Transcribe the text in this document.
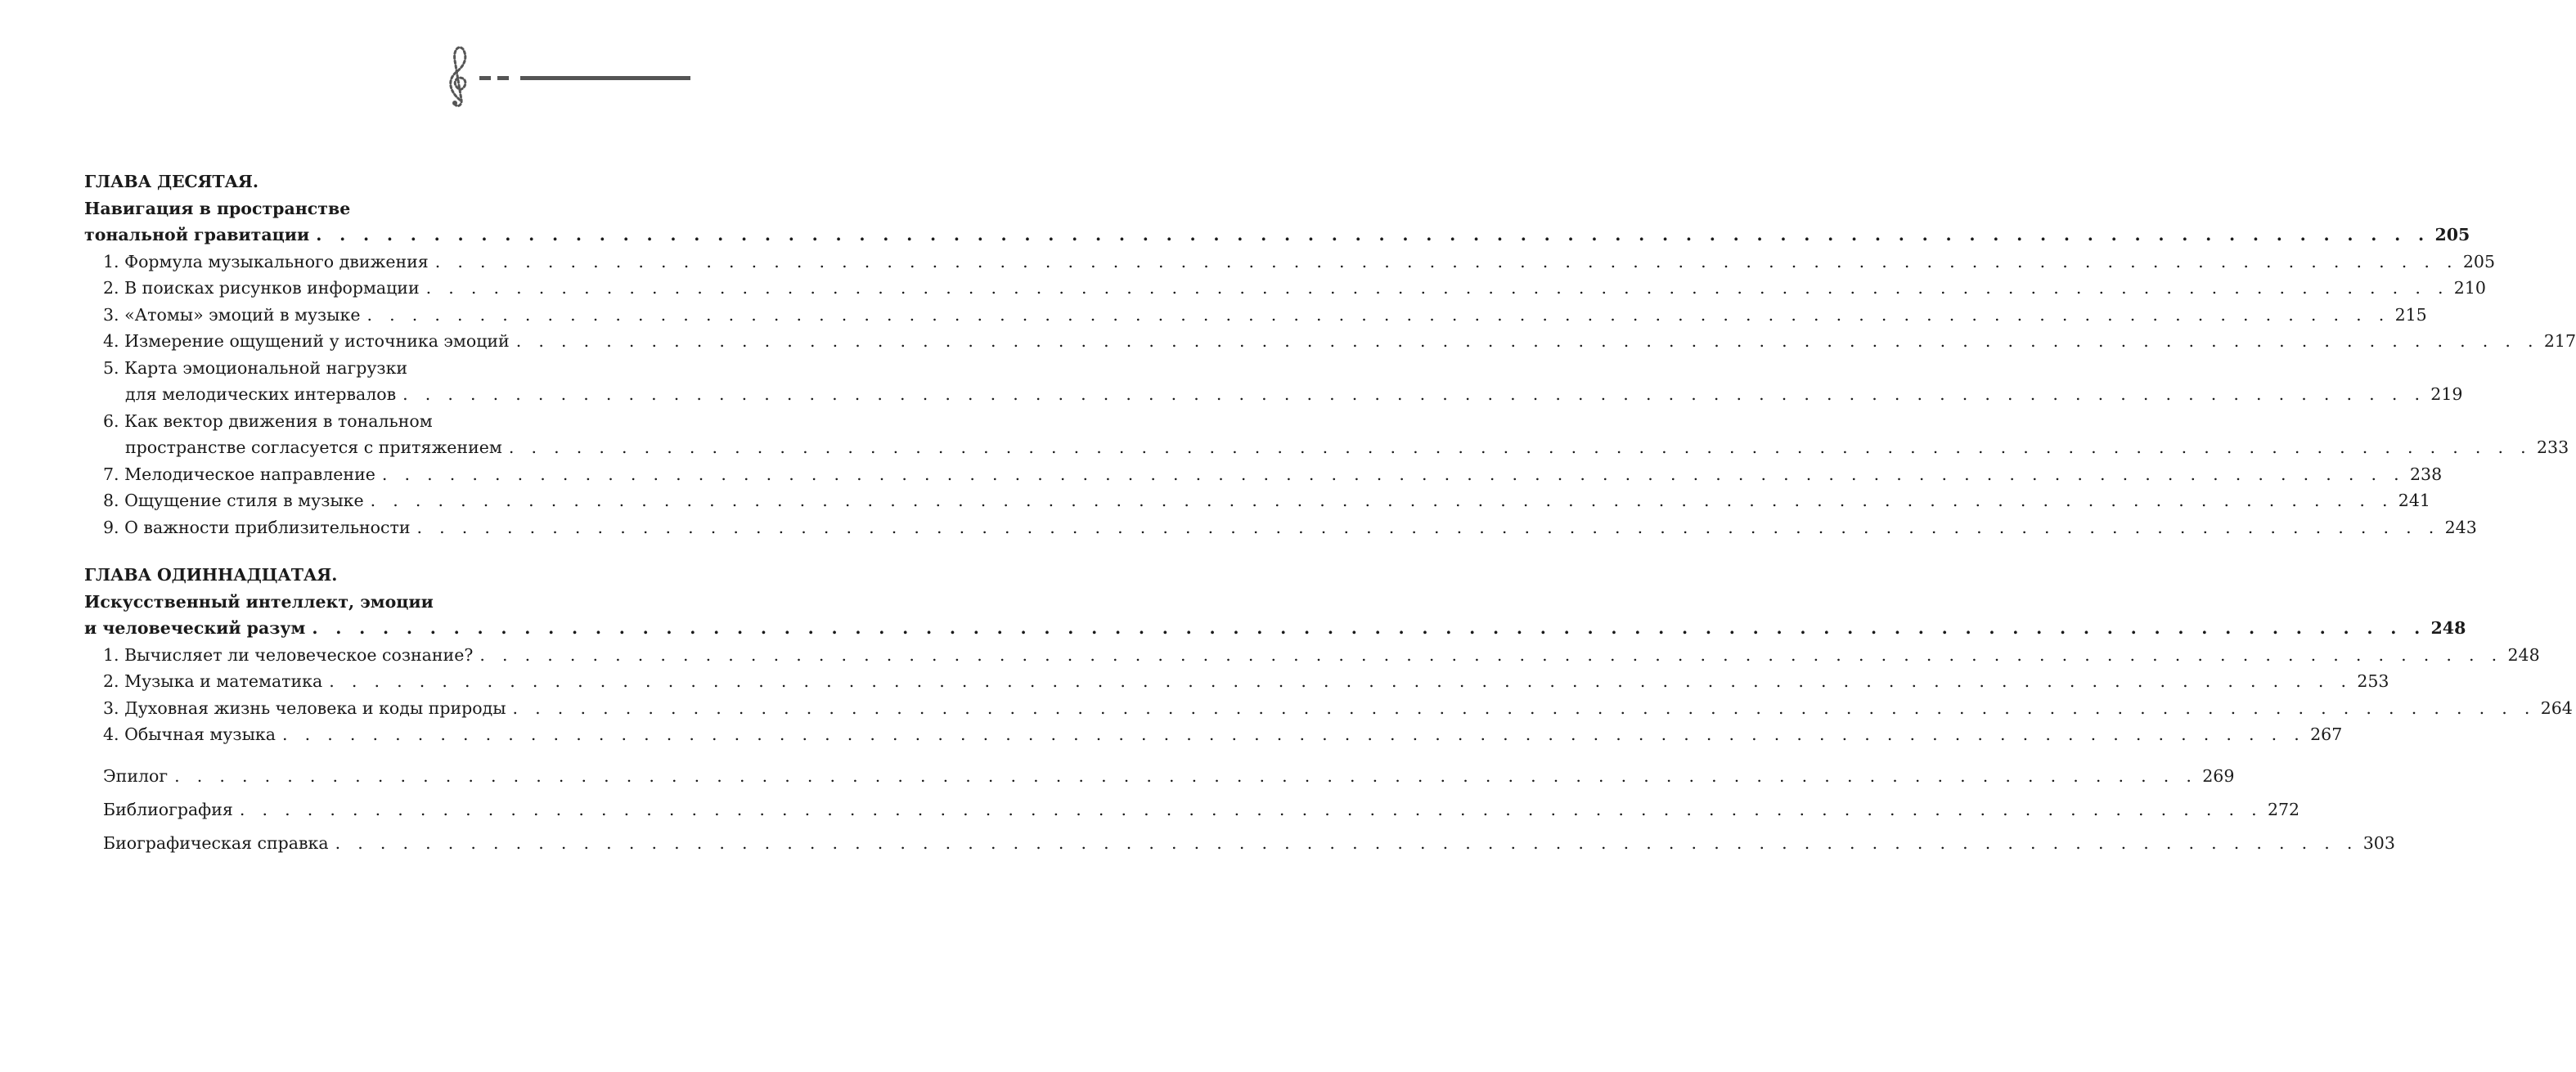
ГЛАВА ДЕСЯТАЯ.
Навигация в пространстве
тональной гравитации . . . . . . . . . . . . . . . . . . . . . . . . . . . . . . . . . . . . . . . . . . . . . . . . . . . . . . . . . . . . . . . . . . . . . . . . . . . . . . . . . . . . . . . . . . 205
1. Формула музыкального движения . . . . . . . . . . . . . . . . . . . . . . . . . . . . . . . . . . . . . . . . . . . . . . . . . . . . . . . . . . . . . . . . . . . . . . . . . . . . . . . . . . . . . . . . . . 205
2. В поисках рисунков информации . . . . . . . . . . . . . . . . . . . . . . . . . . . . . . . . . . . . . . . . . . . . . . . . . . . . . . . . . . . . . . . . . . . . . . . . . . . . . . . . . . . . . . . . . . 210
3. «Атомы» эмоций в музыке . . . . . . . . . . . . . . . . . . . . . . . . . . . . . . . . . . . . . . . . . . . . . . . . . . . . . . . . . . . . . . . . . . . . . . . . . . . . . . . . . . . . . . . . . . 215
4. Измерение ощущений у источника эмоций . . . . . . . . . . . . . . . . . . . . . . . . . . . . . . . . . . . . . . . . . . . . . . . . . . . . . . . . . . . . . . . . . . . . . . . . . . . . . . . . . . . . . . . . . . 217
5. Карта эмоциональной нагрузки
для мелодических интервалов . . . . . . . . . . . . . . . . . . . . . . . . . . . . . . . . . . . . . . . . . . . . . . . . . . . . . . . . . . . . . . . . . . . . . . . . . . . . . . . . . . . . . . . . . . 219
6. Как вектор движения в тональном
пространстве согласуется с притяжением . . . . . . . . . . . . . . . . . . . . . . . . . . . . . . . . . . . . . . . . . . . . . . . . . . . . . . . . . . . . . . . . . . . . . . . . . . . . . . . . . . . . . . . . . . 233
7. Мелодическое направление . . . . . . . . . . . . . . . . . . . . . . . . . . . . . . . . . . . . . . . . . . . . . . . . . . . . . . . . . . . . . . . . . . . . . . . . . . . . . . . . . . . . . . . . . . 238
8. Ощущение стиля в музыке . . . . . . . . . . . . . . . . . . . . . . . . . . . . . . . . . . . . . . . . . . . . . . . . . . . . . . . . . . . . . . . . . . . . . . . . . . . . . . . . . . . . . . . . . . 241
9. О важности приблизительности . . . . . . . . . . . . . . . . . . . . . . . . . . . . . . . . . . . . . . . . . . . . . . . . . . . . . . . . . . . . . . . . . . . . . . . . . . . . . . . . . . . . . . . . . . 243
ГЛАВА ОДИННАДЦАТАЯ.
Искусственный интеллект, эмоции
и человеческий разум . . . . . . . . . . . . . . . . . . . . . . . . . . . . . . . . . . . . . . . . . . . . . . . . . . . . . . . . . . . . . . . . . . . . . . . . . . . . . . . . . . . . . . . . . . 248
1. Вычисляет ли человеческое сознание? . . . . . . . . . . . . . . . . . . . . . . . . . . . . . . . . . . . . . . . . . . . . . . . . . . . . . . . . . . . . . . . . . . . . . . . . . . . . . . . . . . . . . . . . . . 248
2. Музыка и математика . . . . . . . . . . . . . . . . . . . . . . . . . . . . . . . . . . . . . . . . . . . . . . . . . . . . . . . . . . . . . . . . . . . . . . . . . . . . . . . . . . . . . . . . . . 253
3. Духовная жизнь человека и коды природы . . . . . . . . . . . . . . . . . . . . . . . . . . . . . . . . . . . . . . . . . . . . . . . . . . . . . . . . . . . . . . . . . . . . . . . . . . . . . . . . . . . . . . . . . . 264
4. Обычная музыка . . . . . . . . . . . . . . . . . . . . . . . . . . . . . . . . . . . . . . . . . . . . . . . . . . . . . . . . . . . . . . . . . . . . . . . . . . . . . . . . . . . . . . . . . . 267
Эпилог . . . . . . . . . . . . . . . . . . . . . . . . . . . . . . . . . . . . . . . . . . . . . . . . . . . . . . . . . . . . . . . . . . . . . . . . . . . . . . . . . . . . . . . . . . 269
Библиография . . . . . . . . . . . . . . . . . . . . . . . . . . . . . . . . . . . . . . . . . . . . . . . . . . . . . . . . . . . . . . . . . . . . . . . . . . . . . . . . . . . . . . . . . . 272
Биографическая справка . . . . . . . . . . . . . . . . . . . . . . . . . . . . . . . . . . . . . . . . . . . . . . . . . . . . . . . . . . . . . . . . . . . . . . . . . . . . . . . . . . . . . . . . . . 303
